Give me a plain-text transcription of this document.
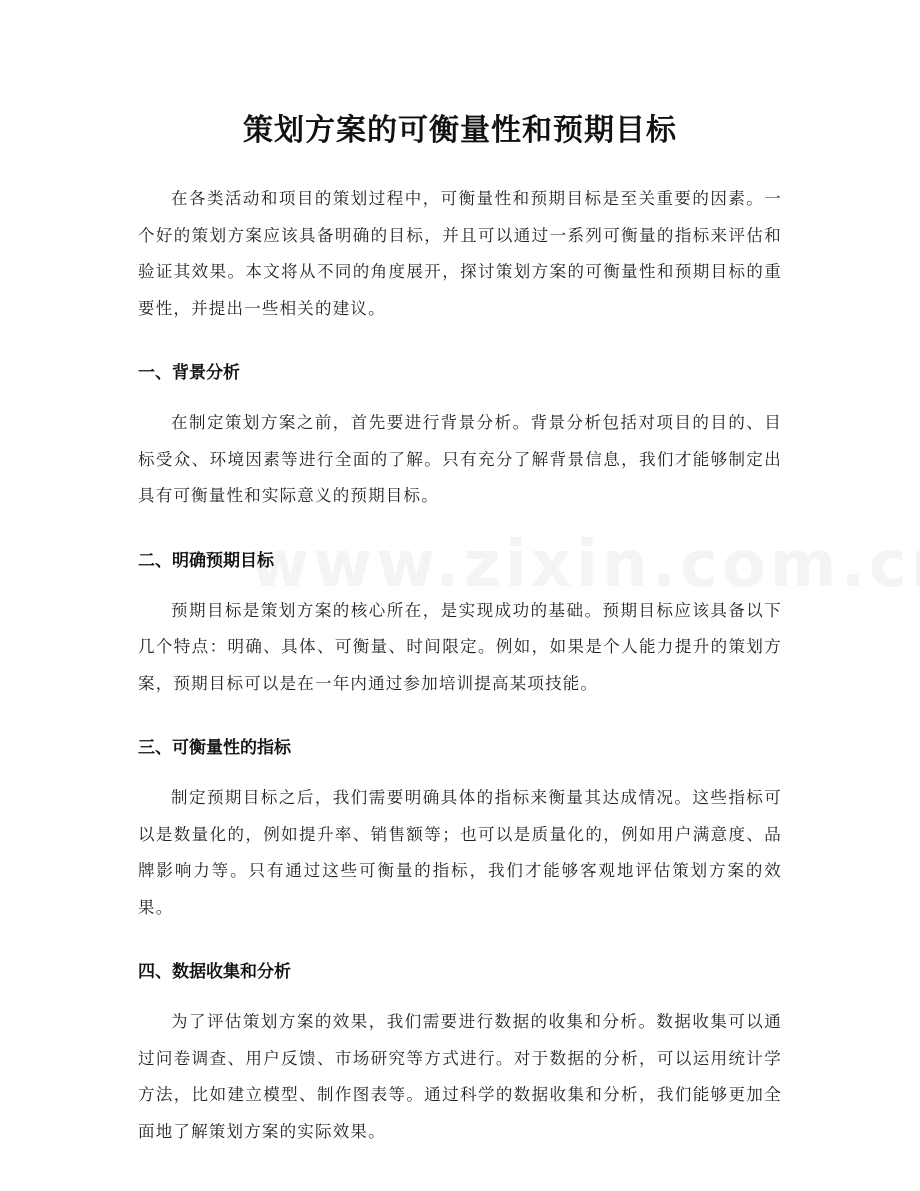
策划方案的可衡量性和预期目标

在各类活动和项目的策划过程中，可衡量性和预期目标是至关重要的因素。一个好的策划方案应该具备明确的目标，并且可以通过一系列可衡量的指标来评估和验证其效果。本文将从不同的角度展开，探讨策划方案的可衡量性和预期目标的重要性，并提出一些相关的建议。

一、背景分析

在制定策划方案之前，首先要进行背景分析。背景分析包括对项目的目的、目标受众、环境因素等进行全面的了解。只有充分了解背景信息，我们才能够制定出具有可衡量性和实际意义的预期目标。

二、明确预期目标

预期目标是策划方案的核心所在，是实现成功的基础。预期目标应该具备以下几个特点：明确、具体、可衡量、时间限定。例如，如果是个人能力提升的策划方案，预期目标可以是在一年内通过参加培训提高某项技能。

三、可衡量性的指标

制定预期目标之后，我们需要明确具体的指标来衡量其达成情况。这些指标可以是数量化的，例如提升率、销售额等；也可以是质量化的，例如用户满意度、品牌影响力等。只有通过这些可衡量的指标，我们才能够客观地评估策划方案的效果。

四、数据收集和分析

为了评估策划方案的效果，我们需要进行数据的收集和分析。数据收集可以通过问卷调查、用户反馈、市场研究等方式进行。对于数据的分析，可以运用统计学方法，比如建立模型、制作图表等。通过科学的数据收集和分析，我们能够更加全面地了解策划方案的实际效果。
